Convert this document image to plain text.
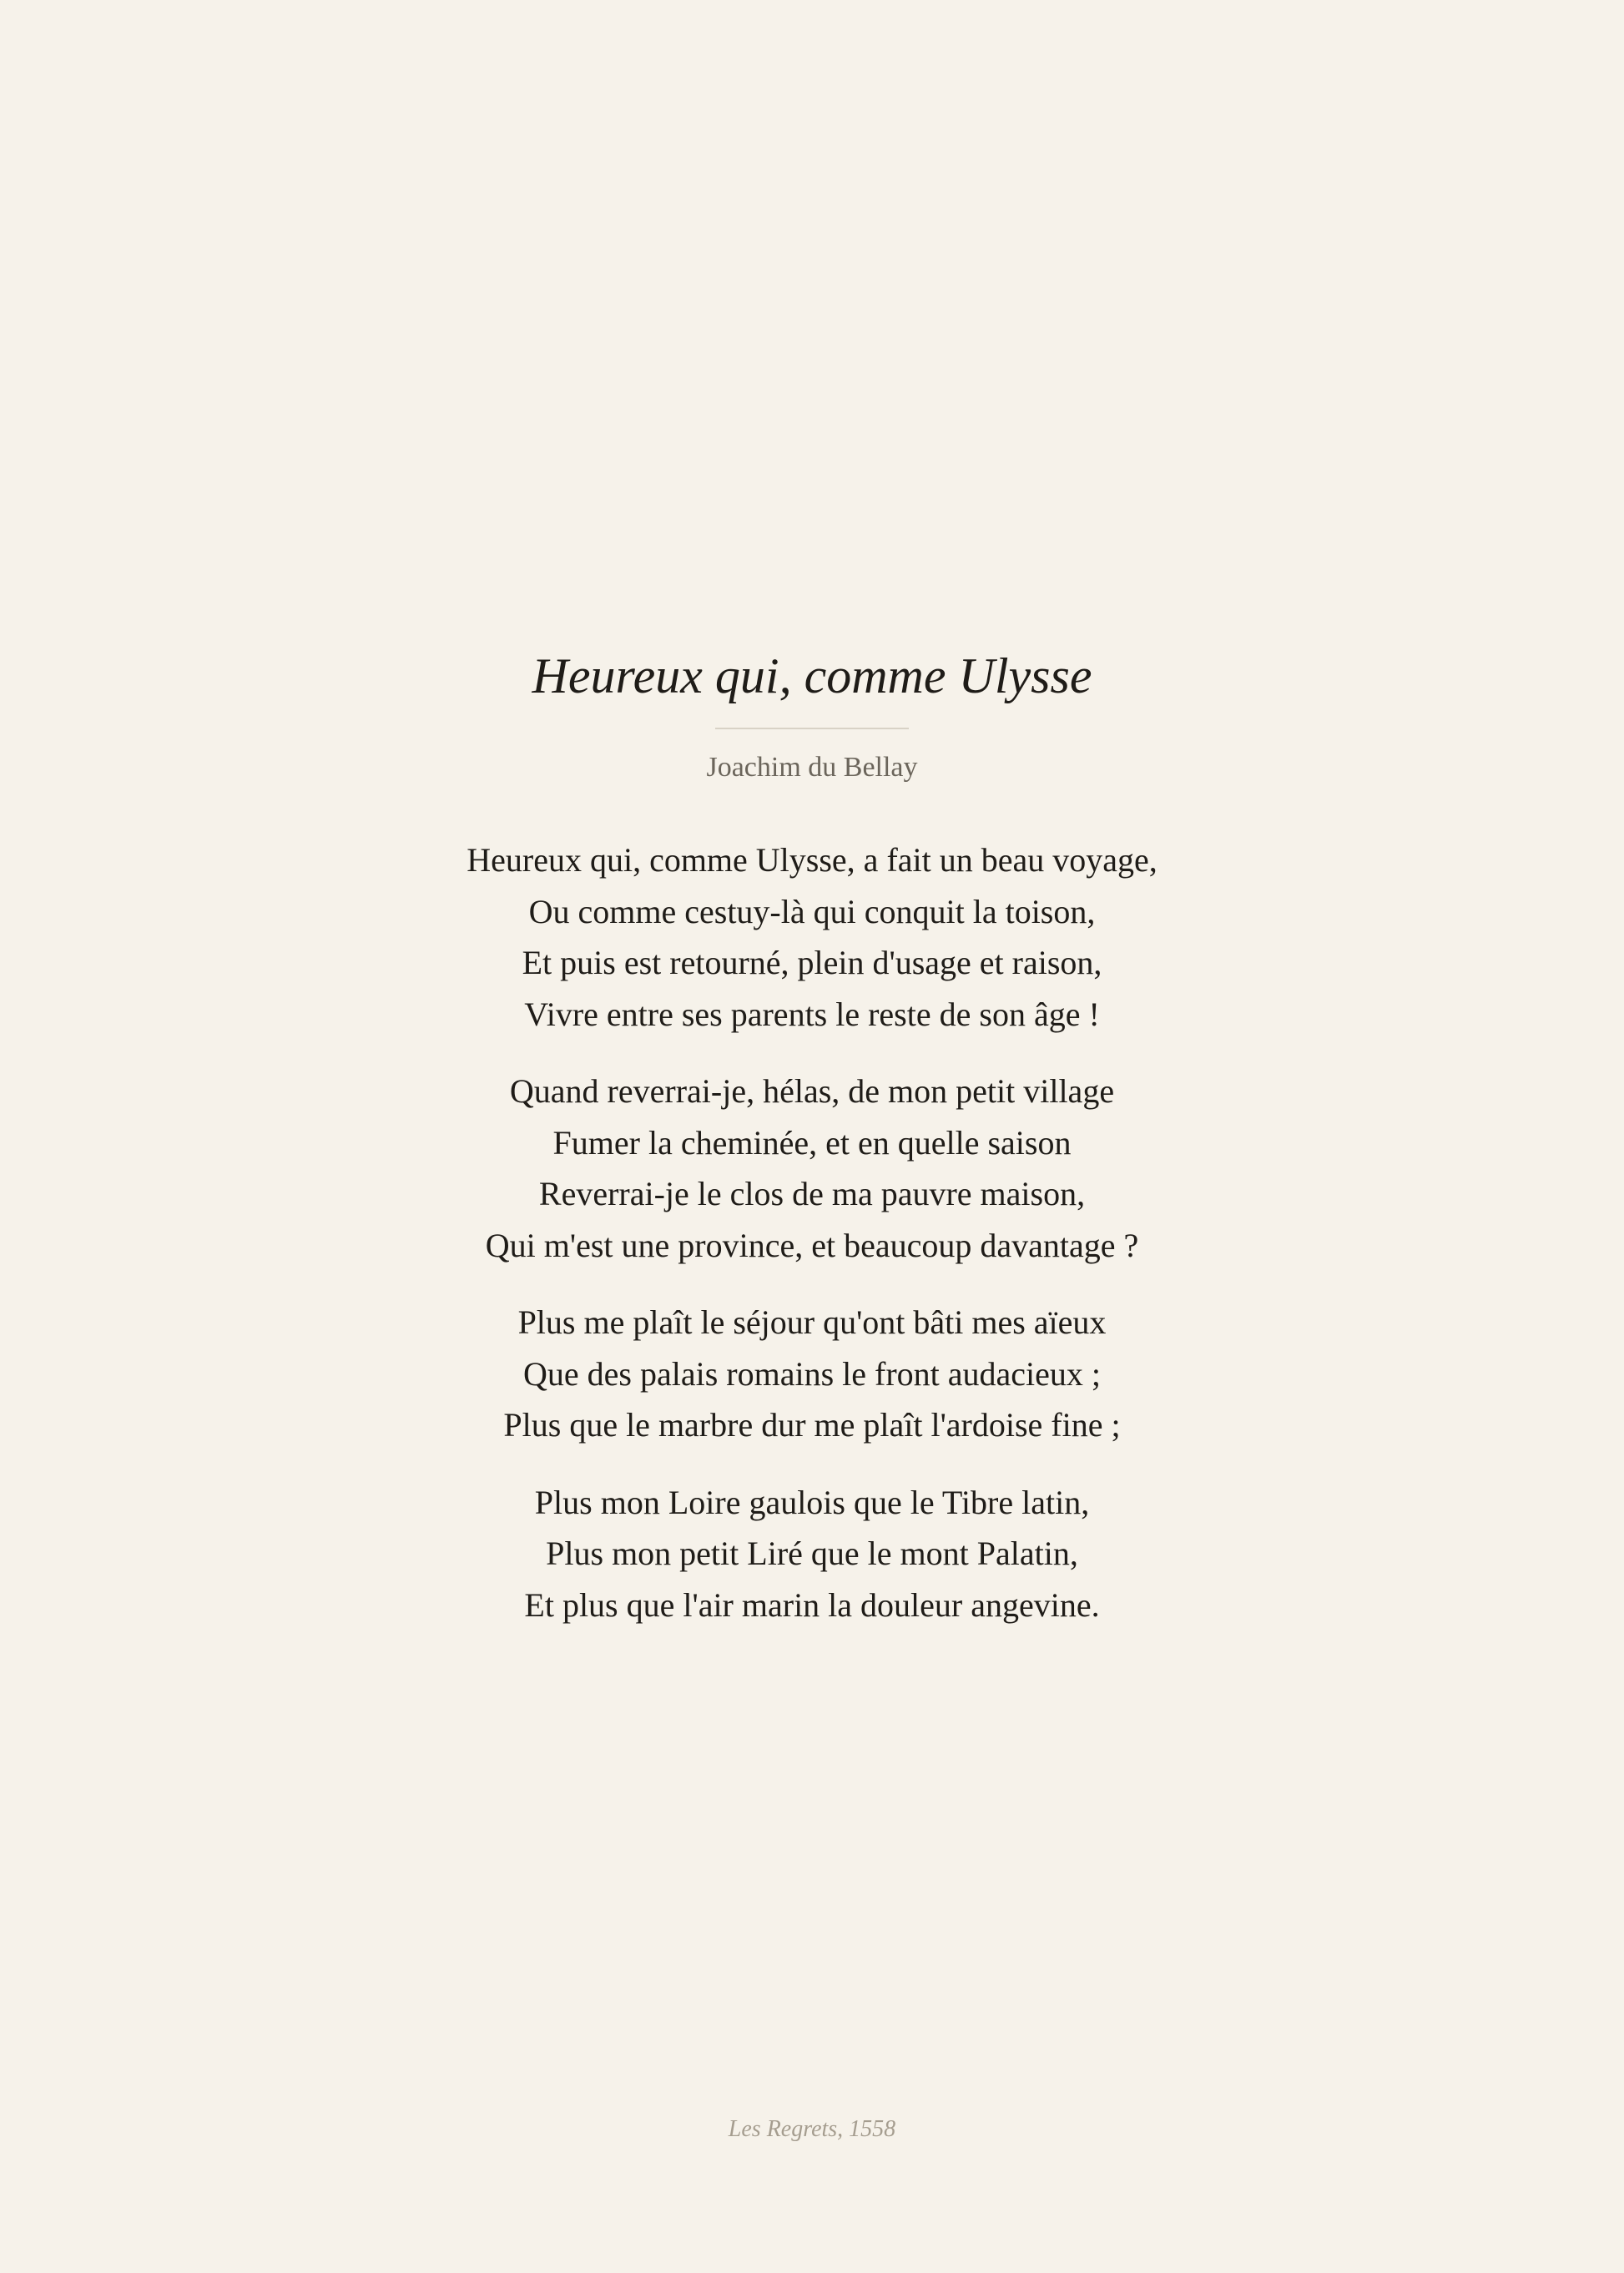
Heureux qui, comme Ulysse
Joachim du Bellay
Heureux qui, comme Ulysse, a fait un beau voyage,
Ou comme cestuy-là qui conquit la toison,
Et puis est retourné, plein d'usage et raison,
Vivre entre ses parents le reste de son âge !
Quand reverrai-je, hélas, de mon petit village
Fumer la cheminée, et en quelle saison
Reverrai-je le clos de ma pauvre maison,
Qui m'est une province, et beaucoup davantage ?
Plus me plaît le séjour qu'ont bâti mes aïeux
Que des palais romains le front audacieux ;
Plus que le marbre dur me plaît l'ardoise fine ;
Plus mon Loire gaulois que le Tibre latin,
Plus mon petit Liré que le mont Palatin,
Et plus que l'air marin la douleur angevine.
Les Regrets, 1558
